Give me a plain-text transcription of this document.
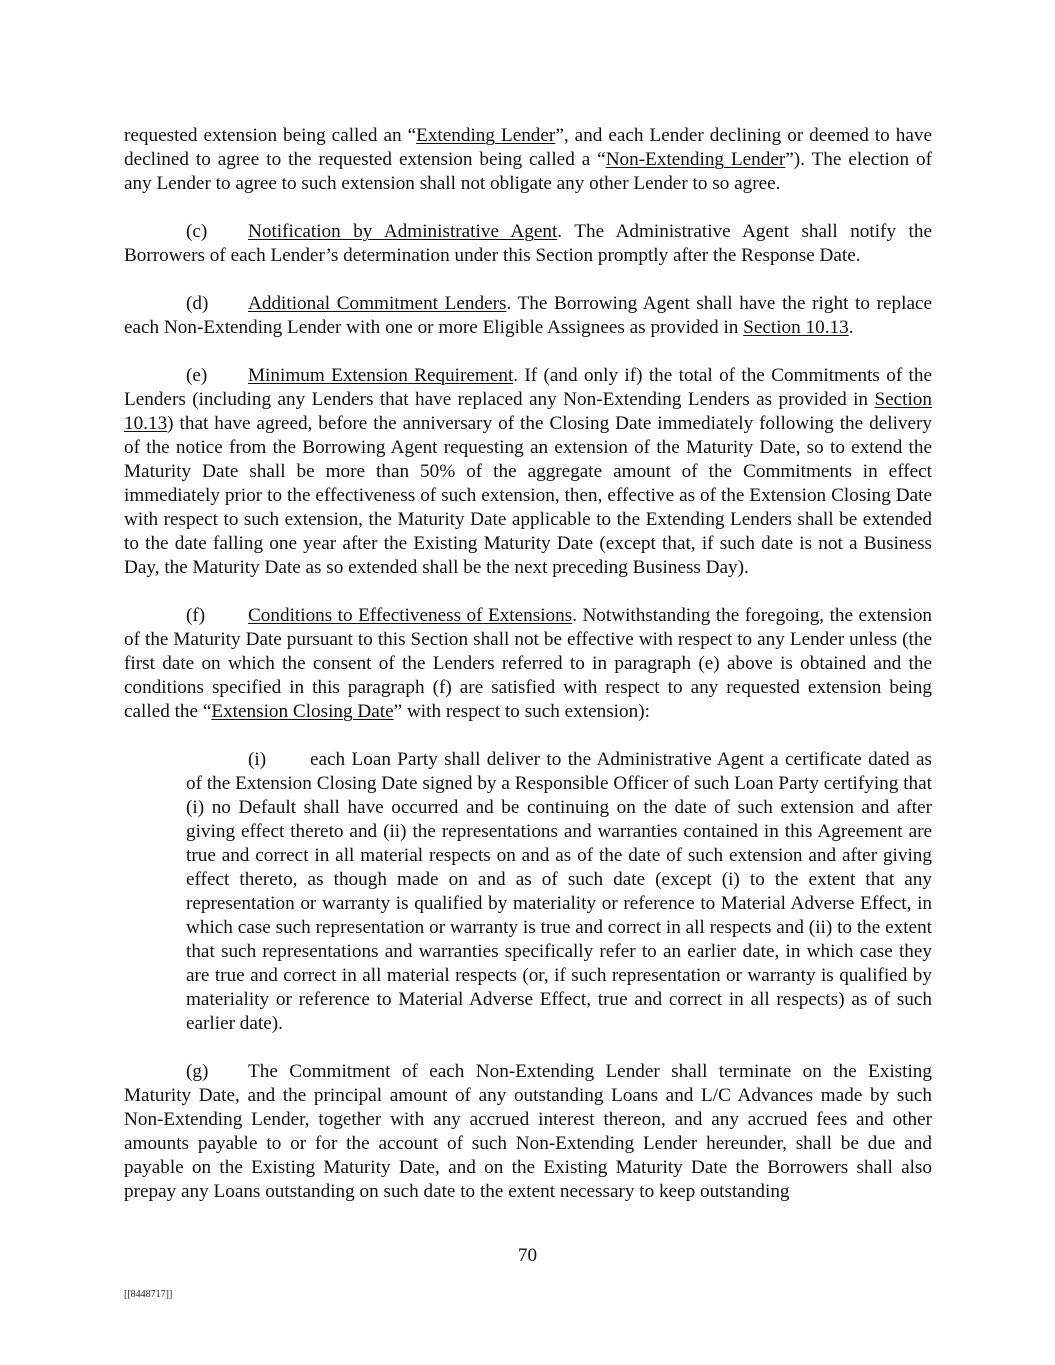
requested extension being called an “Extending Lender”, and each Lender declining or deemed to have declined to agree to the requested extension being called a “Non-Extending Lender”). The election of any Lender to agree to such extension shall not obligate any other Lender to so agree.

(c) Notification by Administrative Agent. The Administrative Agent shall notify the Borrowers of each Lender’s determination under this Section promptly after the Response Date.

(d) Additional Commitment Lenders. The Borrowing Agent shall have the right to replace each Non-Extending Lender with one or more Eligible Assignees as provided in Section 10.13.

(e) Minimum Extension Requirement. If (and only if) the total of the Commitments of the Lenders (including any Lenders that have replaced any Non-Extending Lenders as provided in Section 10.13) that have agreed, before the anniversary of the Closing Date immediately following the delivery of the notice from the Borrowing Agent requesting an extension of the Maturity Date, so to extend the Maturity Date shall be more than 50% of the aggregate amount of the Commitments in effect immediately prior to the effectiveness of such extension, then, effective as of the Extension Closing Date with respect to such extension, the Maturity Date applicable to the Extending Lenders shall be extended to the date falling one year after the Existing Maturity Date (except that, if such date is not a Business Day, the Maturity Date as so extended shall be the next preceding Business Day).

(f) Conditions to Effectiveness of Extensions. Notwithstanding the foregoing, the extension of the Maturity Date pursuant to this Section shall not be effective with respect to any Lender unless (the first date on which the consent of the Lenders referred to in paragraph (e) above is obtained and the conditions specified in this paragraph (f) are satisfied with respect to any requested extension being called the “Extension Closing Date” with respect to such extension):

(i) each Loan Party shall deliver to the Administrative Agent a certificate dated as of the Extension Closing Date signed by a Responsible Officer of such Loan Party certifying that (i) no Default shall have occurred and be continuing on the date of such extension and after giving effect thereto and (ii) the representations and warranties contained in this Agreement are true and correct in all material respects on and as of the date of such extension and after giving effect thereto, as though made on and as of such date (except (i) to the extent that any representation or warranty is qualified by materiality or reference to Material Adverse Effect, in which case such representation or warranty is true and correct in all respects and (ii) to the extent that such representations and warranties specifically refer to an earlier date, in which case they are true and correct in all material respects (or, if such representation or warranty is qualified by materiality or reference to Material Adverse Effect, true and correct in all respects) as of such earlier date).

(g) The Commitment of each Non-Extending Lender shall terminate on the Existing Maturity Date, and the principal amount of any outstanding Loans and L/C Advances made by such Non-Extending Lender, together with any accrued interest thereon, and any accrued fees and other amounts payable to or for the account of such Non-Extending Lender hereunder, shall be due and payable on the Existing Maturity Date, and on the Existing Maturity Date the Borrowers shall also prepay any Loans outstanding on such date to the extent necessary to keep outstanding

70
[[8448717]]
